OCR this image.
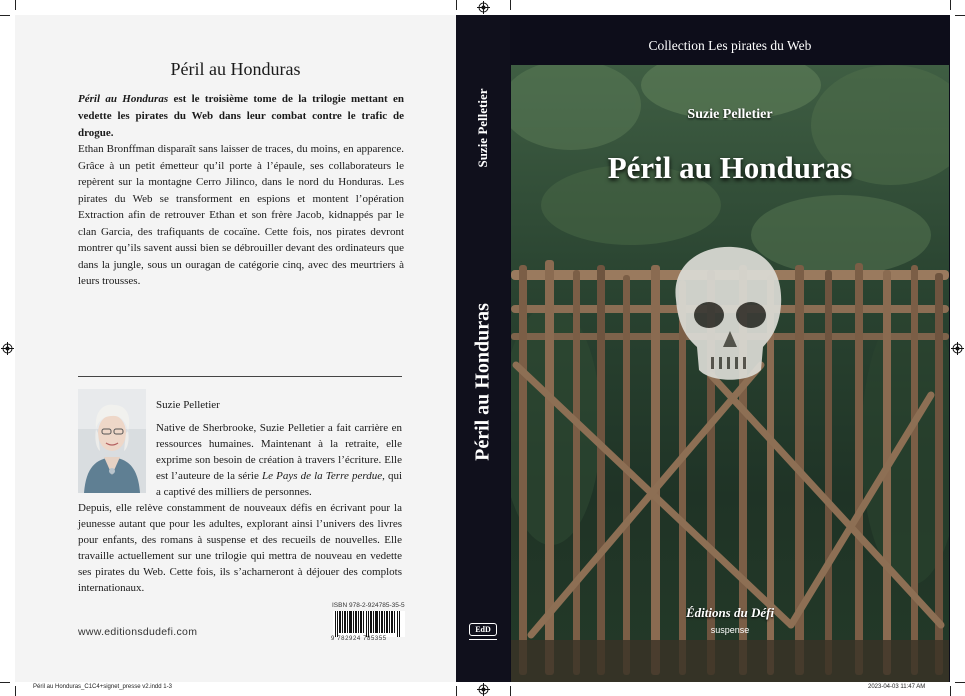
Péril au Honduras
Péril au Honduras est le troisième tome de la trilogie mettant en vedette les pirates du Web dans leur combat contre le trafic de drogue.
Ethan Bronffman disparaît sans laisser de traces, du moins, en apparence. Grâce à un petit émetteur qu’il porte à l’épaule, ses collaborateurs le repèrent sur la montagne Cerro Jilinco, dans le nord du Honduras. Les pirates du Web se transforment en espions et montent l’opération Extraction afin de retrouver Ethan et son frère Jacob, kidnappés par le clan Garcia, des trafiquants de cocaïne. Cette fois, nos pirates devront montrer qu’ils savent aussi bien se débrouiller devant des ordinateurs que dans la jungle, sous un ouragan de catégorie cinq, avec des meurtriers à leurs trousses.
Suzie Pelletier
Native de Sherbrooke, Suzie Pelletier a fait carrière en ressources humaines. Maintenant à la retraite, elle exprime son besoin de création à travers l’écriture. Elle est l’auteure de la série Le Pays de la Terre perdue, qui a captivé des milliers de personnes.
Depuis, elle relève constamment de nouveaux défis en écrivant pour la jeunesse autant que pour les adultes, explorant ainsi l’univers des livres pour enfants, des romans à suspense et des recueils de nouvelles. Elle travaille actuellement sur une trilogie qui mettra de nouveau en vedette ses pirates du Web. Cette fois, ils s’acharneront à déjouer des complots internationaux.
www.editionsdudefi.com
ISBN 978-2-924785-35-5
9 782924 785355
Suzie Pelletier
Péril au Honduras
EdD
Collection Les pirates du Web
Suzie Pelletier
Péril au Honduras
Éditions du Défi
suspense
Péril au Honduras_C1C4+signet_presse v2.indd 1-3	2023-04-03 11:47 AM
